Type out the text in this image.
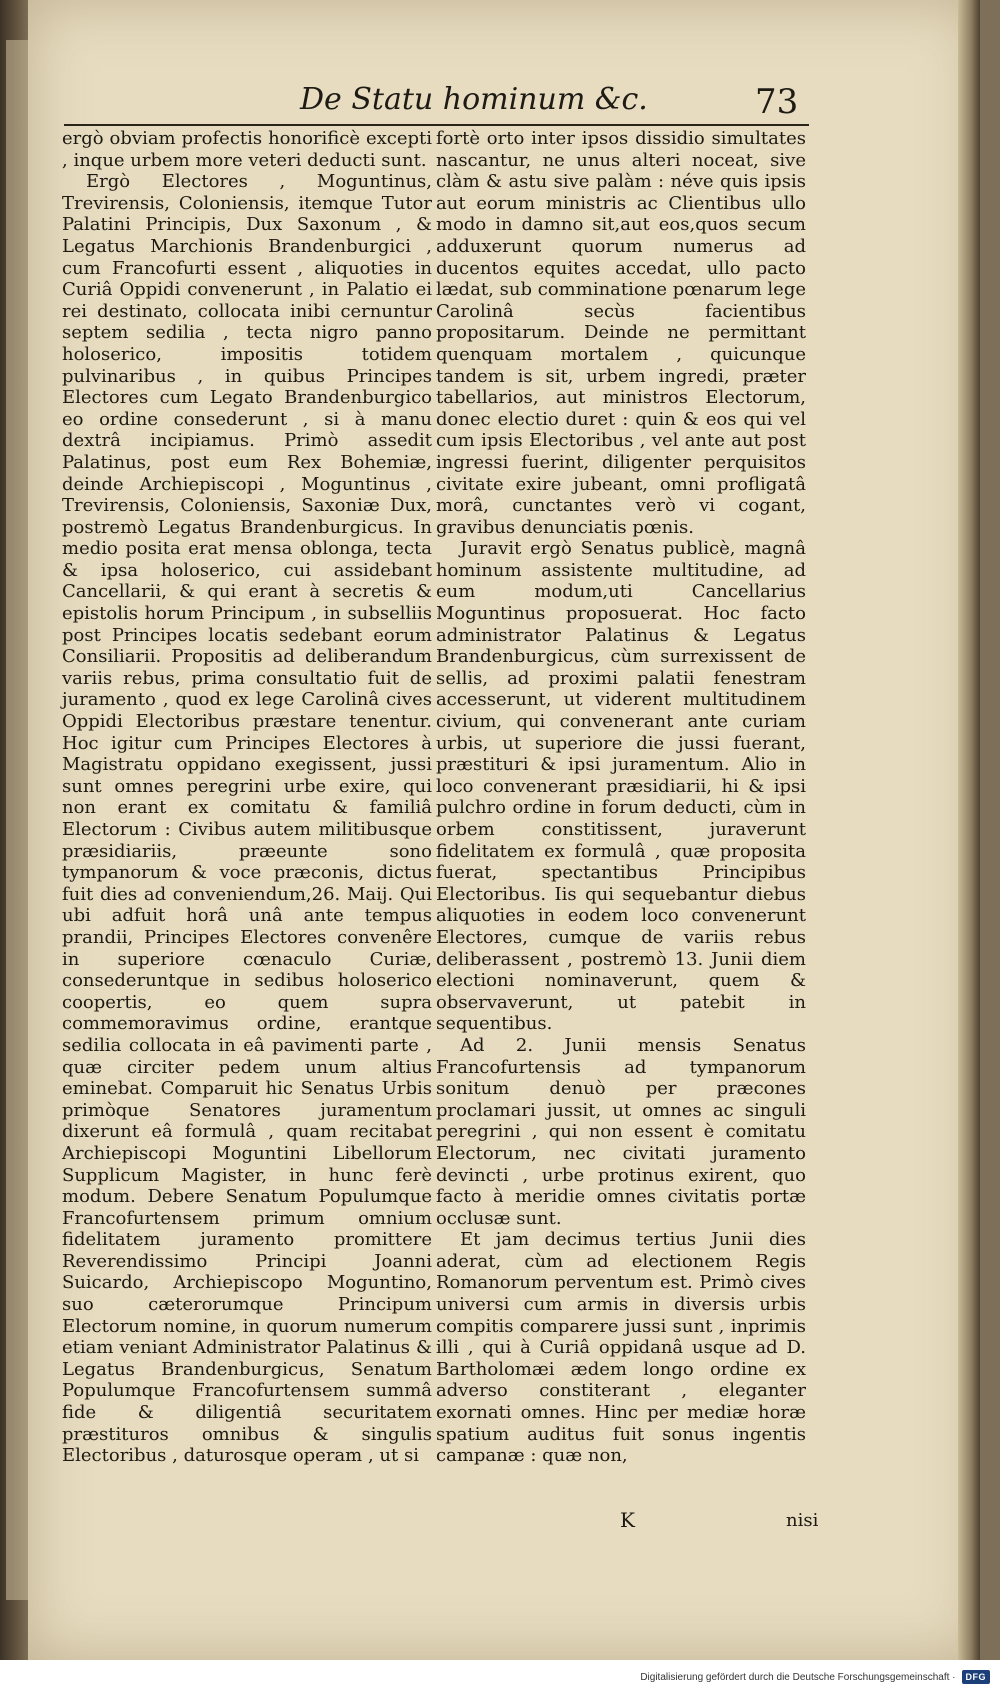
De Statu hominum &c.	73

ergò obviam profectis honorificè excepti , inque urbem more veteri deducti sunt.

Ergò Electores , Moguntinus, Trevirensis, Coloniensis, itemque Tutor Palatini Principis, Dux Saxonum , & Legatus Marchionis Brandenburgici , cum Francofurti essent , aliquoties in Curiâ Oppidi convenerunt , in Palatio ei rei destinato, collocata inibi cernuntur septem sedilia , tecta nigro panno holoserico, impositis totidem pulvinaribus , in quibus Principes Electores cum Legato Brandenburgico eo ordine consederunt , si à manu dextrâ incipiamus. Primò assedit Palatinus, post eum Rex Bohemiæ, deinde Archiepiscopi , Moguntinus , Trevirensis, Coloniensis, Saxoniæ Dux, postremò Legatus Brandenburgicus. In medio posita erat mensa oblonga, tecta & ipsa holoserico, cui assidebant Cancellarii, & qui erant à secretis & epistolis horum Principum , in subselliis post Principes locatis sedebant eorum Consiliarii. Propositis ad deliberandum variis rebus, prima consultatio fuit de juramento , quod ex lege Carolinâ cives Oppidi Electoribus præstare tenentur. Hoc igitur cum Principes Electores à Magistratu oppidano exegissent, jussi sunt omnes peregrini urbe exire, qui non erant ex comitatu & familiâ Electorum : Civibus autem militibusque præsidiariis, præeunte sono tympanorum & voce præconis, dictus fuit dies ad conveniendum,26. Maij. Qui ubi adfuit horâ unâ ante tempus prandii, Principes Electores convenêre in superiore cœnaculo Curiæ, consederuntque in sedibus holoserico coopertis, eo quem supra commemoravimus ordine, erantque sedilia collocata in eâ pavimenti parte , quæ circiter pedem unum altius eminebat. Comparuit hic Senatus Urbis primòque Senatores juramentum dixerunt eâ formulâ , quam recitabat Archiepiscopi Moguntini Libellorum Supplicum Magister, in hunc ferè modum. Debere Senatum Populumque Francofurtensem primum omnium fidelitatem juramento promittere Reverendissimo Principi Joanni Suicardo, Archiepiscopo Moguntino, suo cæterorumque Principum Electorum nomine, in quorum numerum etiam veniant Administrator Palatinus & Legatus Brandenburgicus, Senatum Populumque Francofurtensem summâ fide & diligentiâ securitatem præstituros omnibus & singulis Electoribus , daturosque operam , ut si

fortè orto inter ipsos dissidio simultates nascantur, ne unus alteri noceat, sive clàm & astu sive palàm : néve quis ipsis aut eorum ministris ac Clientibus ullo modo in damno sit,aut eos,quos secum adduxerunt quorum numerus ad ducentos equites accedat, ullo pacto lædat, sub comminatione pœnarum lege Carolinâ secùs facientibus propositarum. Deinde ne permittant quenquam mortalem , quicunque tandem is sit, urbem ingredi, præter tabellarios, aut ministros Electorum, donec electio duret : quin & eos qui vel cum ipsis Electoribus , vel ante aut post ingressi fuerint, diligenter perquisitos civitate exire jubeant, omni profligatâ morâ, cunctantes verò vi cogant, gravibus denunciatis pœnis.

Juravit ergò Senatus publicè, magnâ hominum assistente multitudine, ad eum modum,uti Cancellarius Moguntinus proposuerat. Hoc facto administrator Palatinus & Legatus Brandenburgicus, cùm surrexissent de sellis, ad proximi palatii fenestram accesserunt, ut viderent multitudinem civium, qui convenerant ante curiam urbis, ut superiore die jussi fuerant, præstituri & ipsi juramentum. Alio in loco convenerant præsidiarii, hi & ipsi pulchro ordine in forum deducti, cùm in orbem constitissent, juraverunt fidelitatem ex formulâ , quæ proposita fuerat, spectantibus Principibus Electoribus. Iis qui sequebantur diebus aliquoties in eodem loco convenerunt Electores, cumque de variis rebus deliberassent , postremò 13. Junii diem electioni nominaverunt, quem & observaverunt, ut patebit in sequentibus.

Ad 2. Junii mensis Senatus Francofurtensis ad tympanorum sonitum denuò per præcones proclamari jussit, ut omnes ac singuli peregrini , qui non essent è comitatu Electorum, nec civitati juramento devincti , urbe protinus exirent, quo facto à meridie omnes civitatis portæ occlusæ sunt.

Et jam decimus tertius Junii dies aderat, cùm ad electionem Regis Romanorum perventum est. Primò cives universi cum armis in diversis urbis compitis comparere jussi sunt , inprimis illi , qui à Curiâ oppidanâ usque ad D. Bartholomæi ædem longo ordine ex adverso constiterant , eleganter exornati omnes. Hinc per mediæ horæ spatium auditus fuit sonus ingentis campanæ : quæ non,

K	nisi
Digitalisierung gefördert durch die Deutsche Forschungsgemeinschaft ·	DFG
